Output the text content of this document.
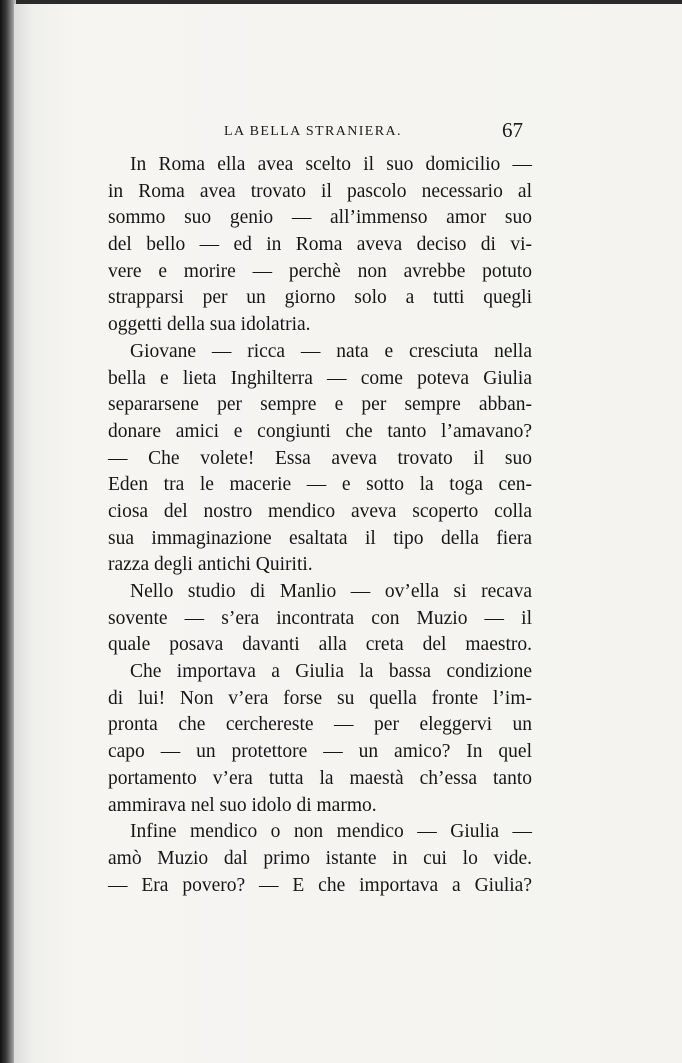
LA BELLA STRANIERA.	67
In Roma ella avea scelto il suo domicilio —
in Roma avea trovato il pascolo necessario al
sommo suo genio — all’immenso amor suo
del bello — ed in Roma aveva deciso di vi-
vere e morire — perchè non avrebbe potuto
strapparsi per un giorno solo a tutti quegli
oggetti della sua idolatria.
Giovane — ricca — nata e cresciuta nella
bella e lieta Inghilterra — come poteva Giulia
separarsene per sempre e per sempre abban-
donare amici e congiunti che tanto l’amavano?
— Che volete! Essa aveva trovato il suo
Eden tra le macerie — e sotto la toga cen-
ciosa del nostro mendico aveva scoperto colla
sua immaginazione esaltata il tipo della fiera
razza degli antichi Quiriti.
Nello studio di Manlio — ov’ella si recava
sovente — s’era incontrata con Muzio — il
quale posava davanti alla creta del maestro.
Che importava a Giulia la bassa condizione
di lui! Non v’era forse su quella fronte l’im-
pronta che cerchereste — per eleggervi un
capo — un protettore — un amico? In quel
portamento v’era tutta la maestà ch’essa tanto
ammirava nel suo idolo di marmo.
Infine mendico o non mendico — Giulia —
amò Muzio dal primo istante in cui lo vide.
— Era povero? — E che importava a Giulia?
